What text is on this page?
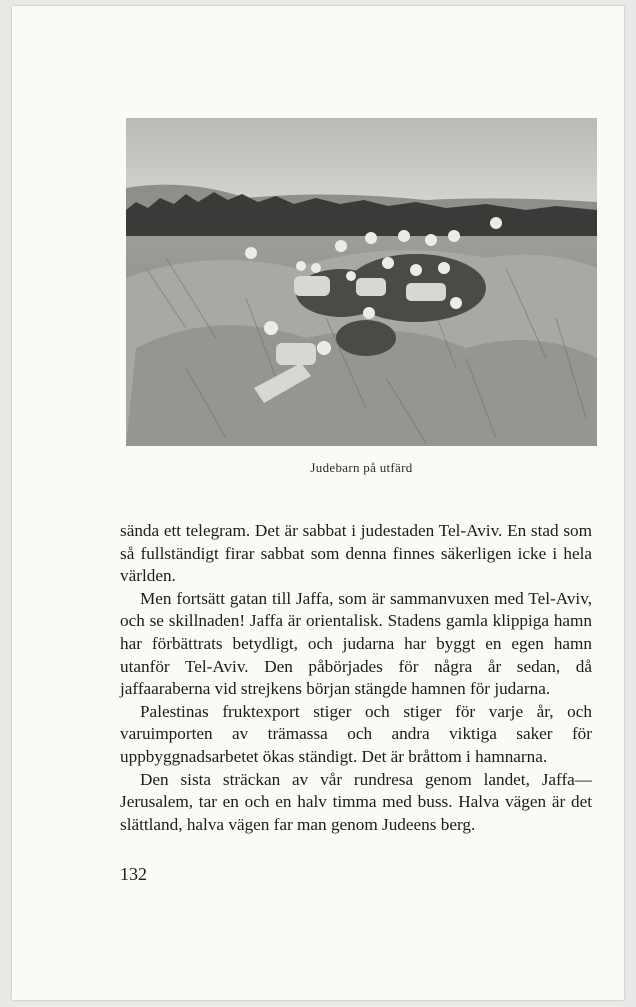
Judebarn på utfärd

sända ett telegram. Det är sabbat i judestaden Tel-Aviv. En stad som så fullständigt firar sabbat som denna finnes säkerligen icke i hela världen.

Men fortsätt gatan till Jaffa, som är sammanvuxen med Tel-Aviv, och se skillnaden! Jaffa är orientalisk. Stadens gamla klippiga hamn har förbättrats betydligt, och judarna har byggt en egen hamn utanför Tel-Aviv. Den påbörjades för några år sedan, då jaffaaraberna vid strejkens början stängde hamnen för judarna.

Palestinas fruktexport stiger och stiger för varje år, och varuimporten av trämassa och andra viktiga saker för uppbyggnadsarbetet ökas ständigt. Det är bråttom i hamnarna.

Den sista sträckan av vår rundresa genom landet, Jaffa—Jerusalem, tar en och en halv timma med buss. Halva vägen är det slättland, halva vägen far man genom Judeens berg.

132
